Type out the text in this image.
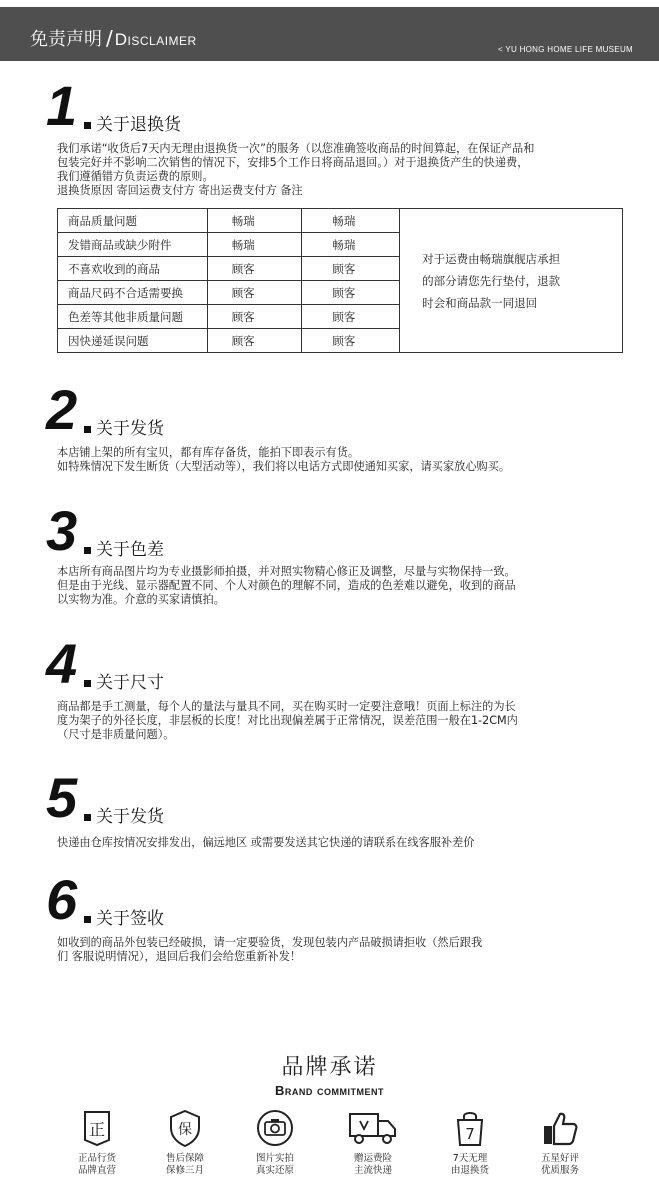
免责声明 / Disclaimer
< YU HONG HOME LIFE MUSEUM
1 关于退换货

我们承诺“收货后7天内无理由退换货一次”的服务（以您准确签收商品的时间算起，在保证产品和

包装完好并不影响二次销售的情况下，安排5个工作日将商品退回。）对于退换货产生的快递费，

我们遵循错方负责运费的原则。

退换货原因 寄回运费支付方 寄出运费支付方 备注

商品质量问题	畅瑞	畅瑞	对于运费由畅瑞旗舰店承担
的部分请您先行垫付，退款
时会和商品款一同退回

发错商品或缺少附件	畅瑞	畅瑞	
不喜欢收到的商品	顾客	顾客	
商品尺码不合适需要换	顾客	顾客	
色差等其他非质量问题	顾客	顾客	
因快递延误问题	顾客	顾客	
2 关于发货

本店铺上架的所有宝贝，都有库存备货，能拍下即表示有货。

如特殊情况下发生断货（大型活动等），我们将以电话方式即使通知买家，请买家放心购买。

3 关于色差

本店所有商品图片均为专业摄影师拍摄，并对照实物精心修正及调整，尽量与实物保持一致。

但是由于光线、显示器配置不同、个人对颜色的理解不同，造成的色差难以避免，收到的商品

以实物为准。介意的买家请慎拍。

4 关于尺寸

商品都是手工测量，每个人的量法与量具不同，买在购买时一定要注意哦！页面上标注的为长

度为架子的外径长度，非层板的长度！对比出现偏差属于正常情况，误差范围一般在1-2CM内

（尺寸是非质量问题）。

5 关于发货

快递由仓库按情况安排发出，偏远地区 或需要发送其它快递的请联系在线客服补差价

6 关于签收

如收到的商品外包装已经破损，请一定要验货，发现包装内产品破损请拒收（然后跟我

们 客服说明情况），退回后我们会给您重新补发！

品牌承诺
Brand commitment
正
正品行货
品牌直营
保
售后保障
保修三月
图片实拍
真实还原
赠运费险
主流快递
7
7天无理
由退换货
五星好评
优质服务
